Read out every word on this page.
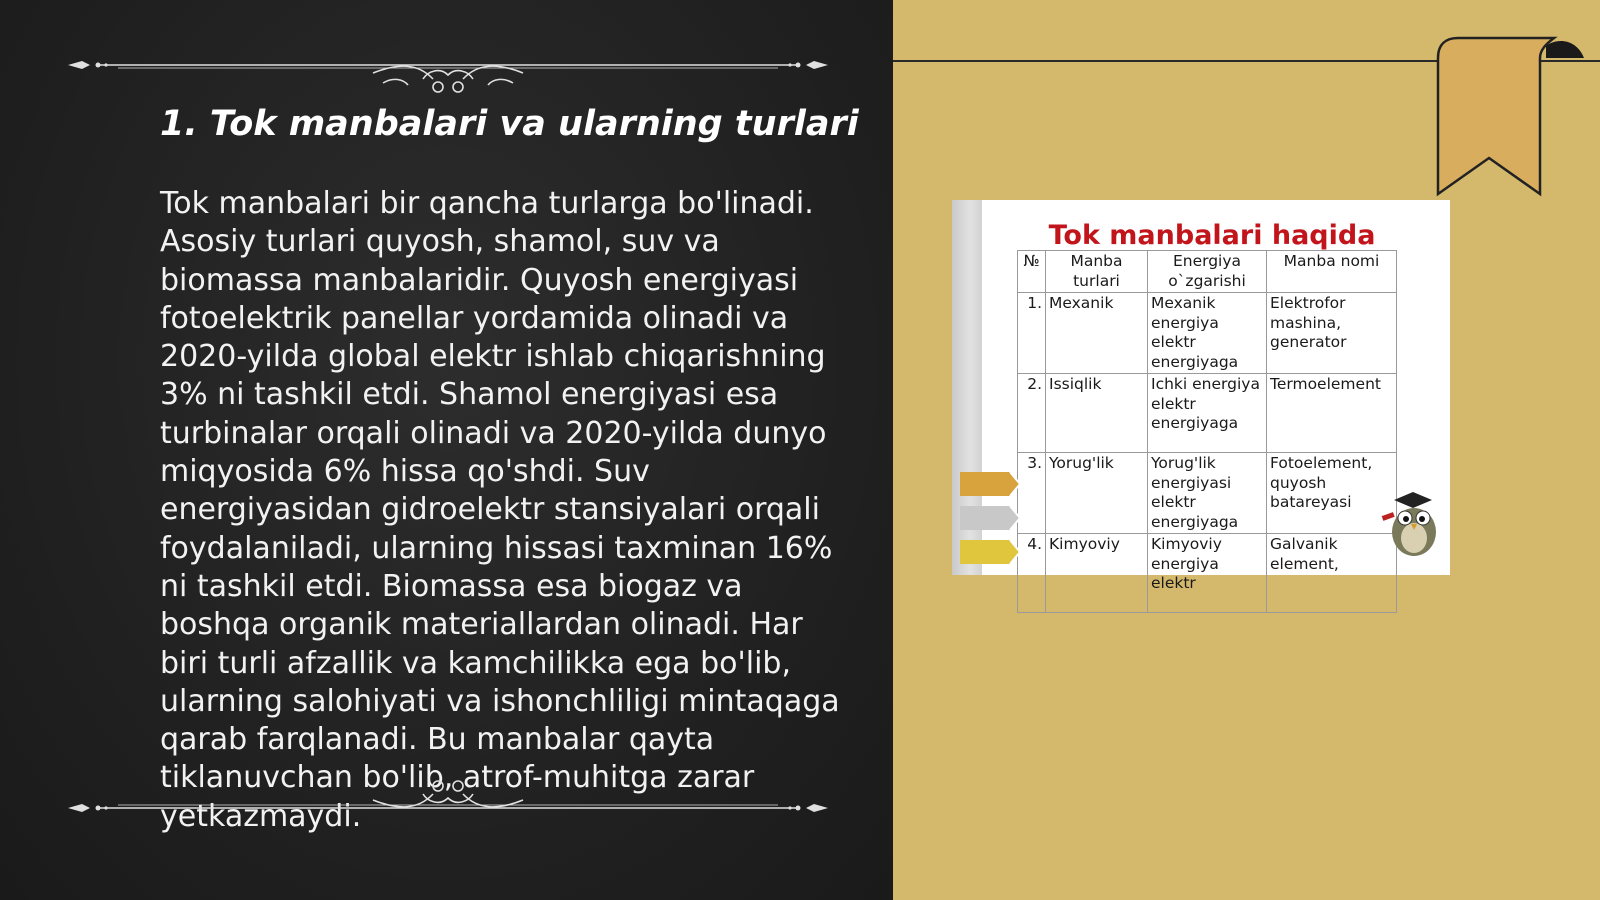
1. Tok manbalari va ularning turlari

Tok manbalari bir qancha turlarga bo'linadi. Asosiy turlari quyosh, shamol, suv va biomassa manbalaridir. Quyosh energiyasi fotoelektrik panellar yordamida olinadi va 2020-yilda global elektr ishlab chiqarishning 3% ni tashkil etdi. Shamol energiyasi esa turbinalar orqali olinadi va 2020-yilda dunyo miqyosida 6% hissa qo'shdi. Suv energiyasidan gidroelektr stansiyalari orqali foydalaniladi, ularning hissasi taxminan 16% ni tashkil etdi. Biomassa esa biogaz va boshqa organik materiallardan olinadi. Har biri turli afzallik va kamchilikka ega bo'lib, ularning salohiyati va ishonchliligi mintaqaga qarab farqlanadi. Bu manbalar qayta tiklanuvchan bo'lib, atrof-muhitga zarar yetkazmaydi.

Tok manbalari haqida
№	Manba turlari	Energiya o`zgarishi	Manba nomi
1.	Mexanik	Mexanik energiya elektr energiyaga	Elektrofor mashina, generator
2.	Issiqlik	Ichki energiya elektr energiyaga	Termoelement
3.	Yorug'lik	Yorug'lik energiyasi elektr energiyaga	Fotoelement, quyosh batareyasi
4.	Kimyoviy	Kimyoviy energiya elektr	Galvanik element,
